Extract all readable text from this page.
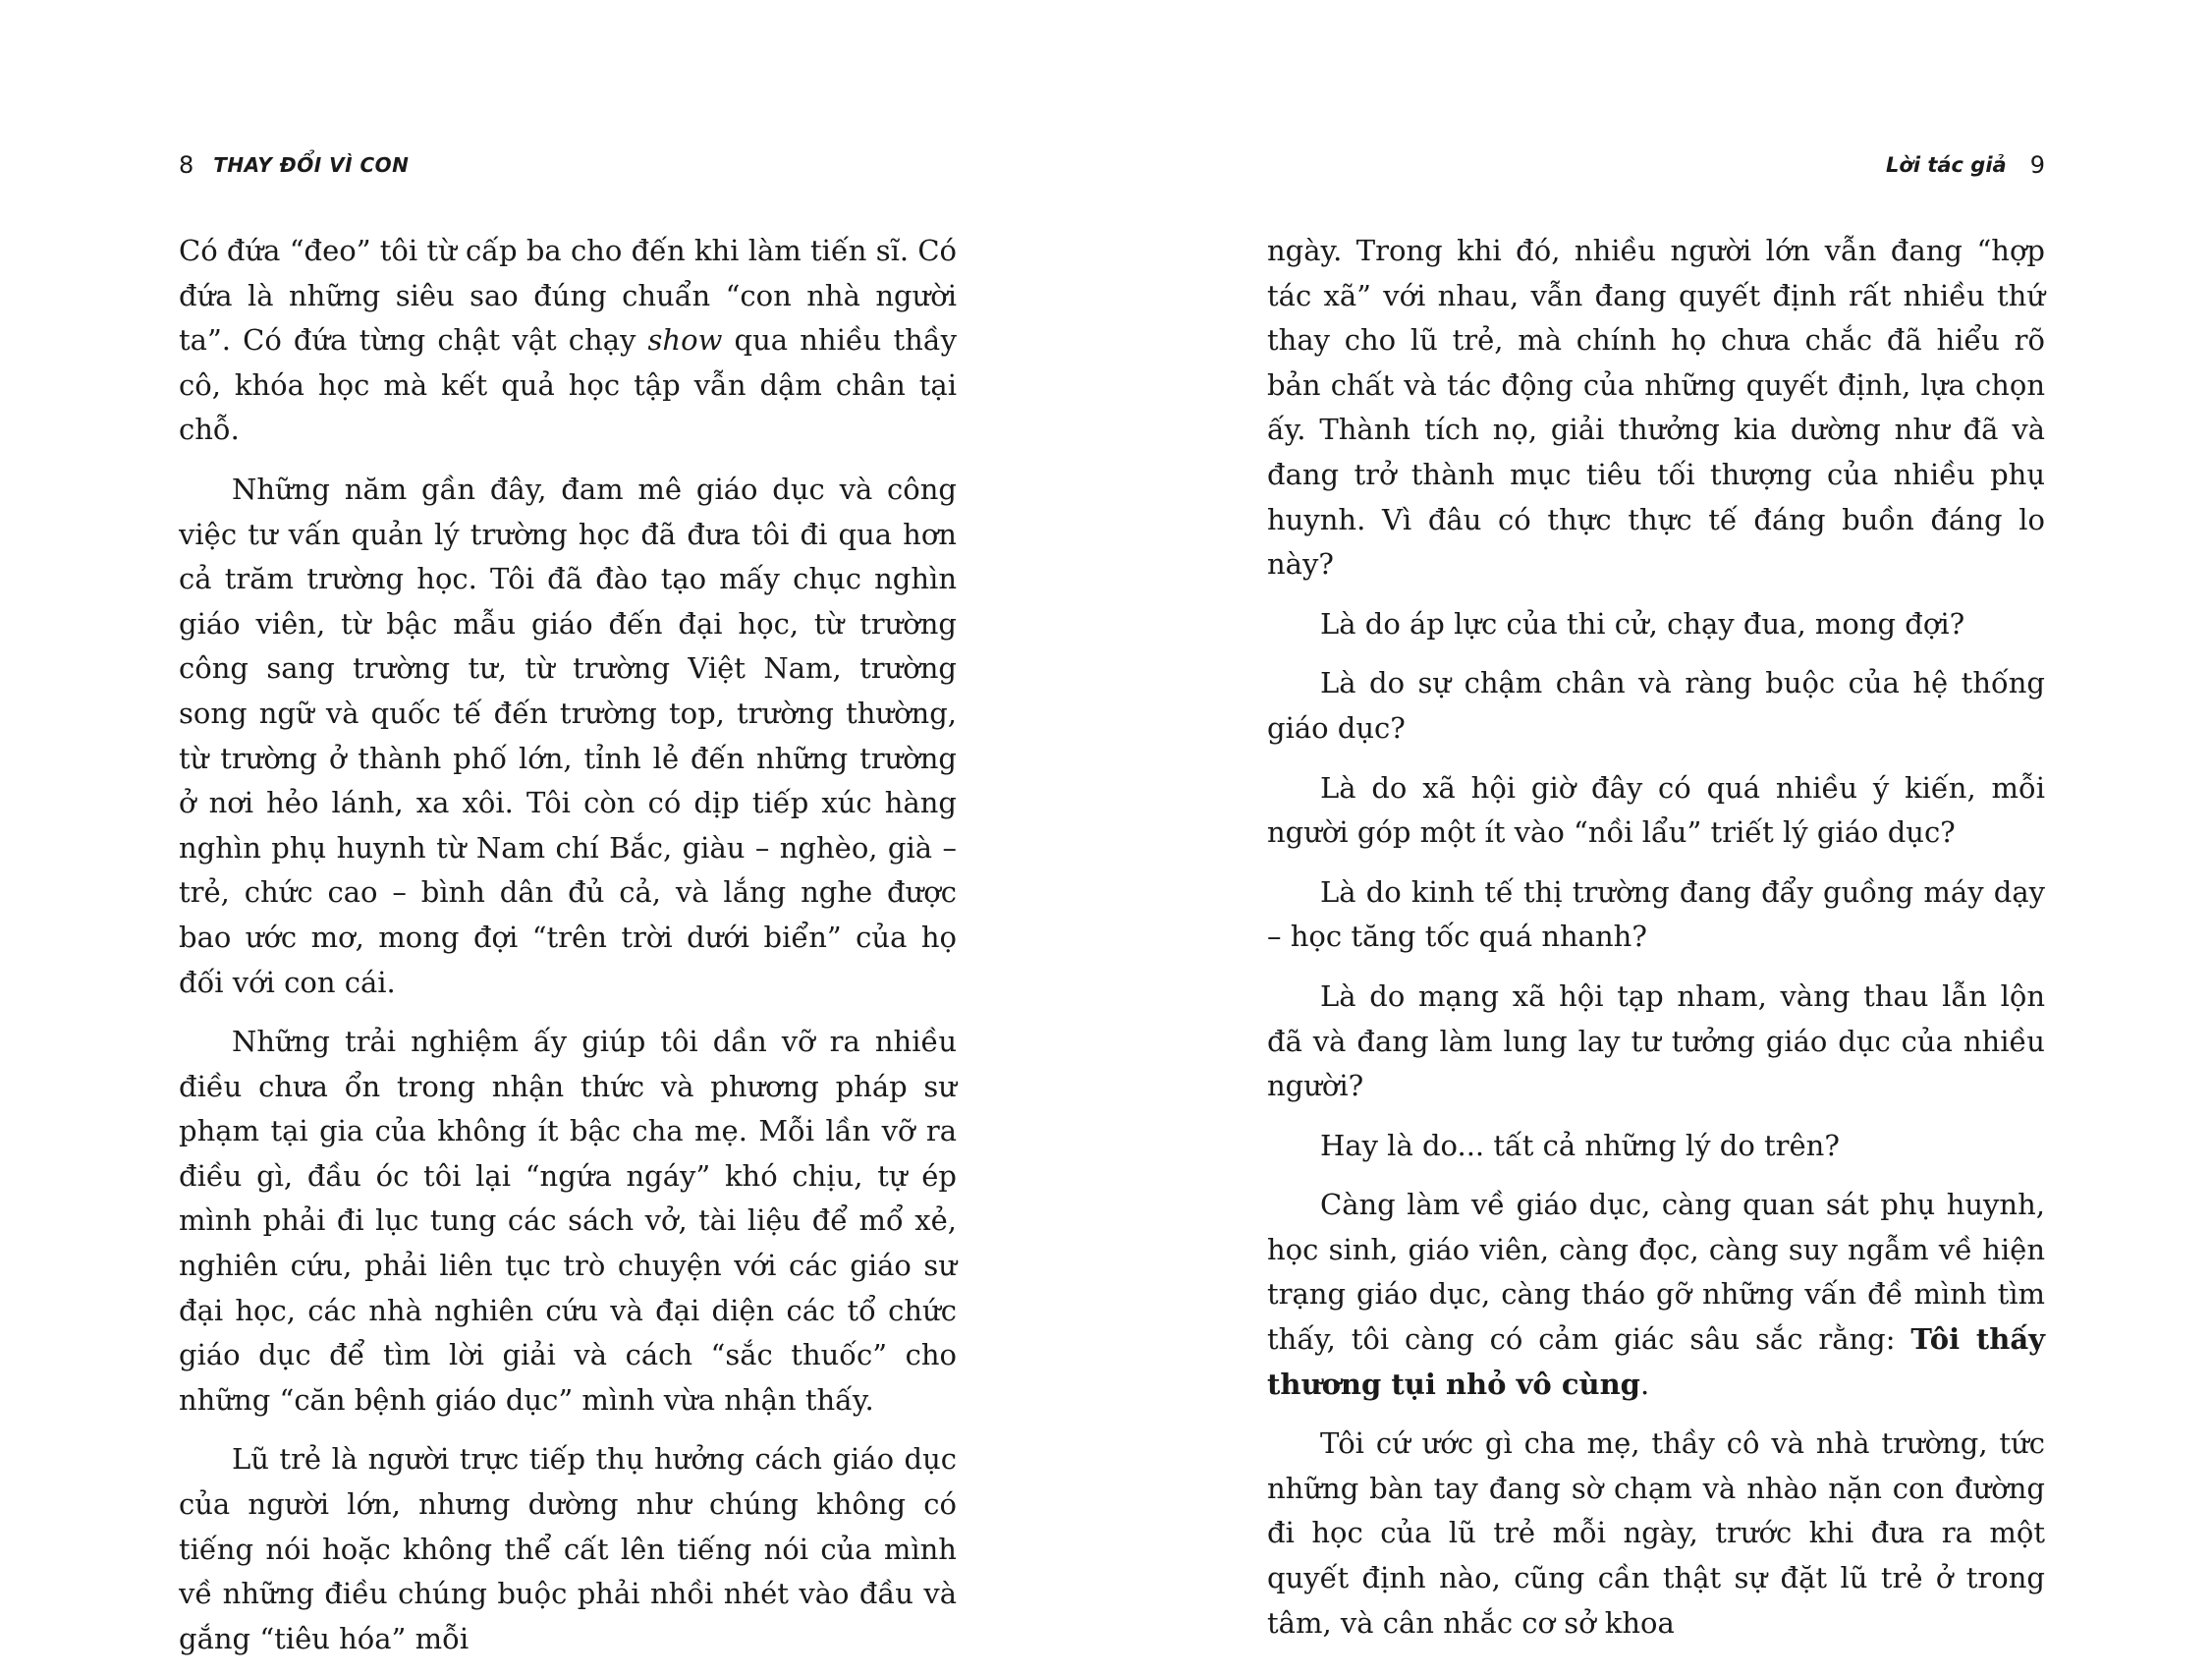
8 THAY ĐỔI VÌ CON

Có đứa “đeo” tôi từ cấp ba cho đến khi làm tiến sĩ. Có đứa là những siêu sao đúng chuẩn “con nhà người ta”. Có đứa từng chật vật chạy show qua nhiều thầy cô, khóa học mà kết quả học tập vẫn dậm chân tại chỗ.

Những năm gần đây, đam mê giáo dục và công việc tư vấn quản lý trường học đã đưa tôi đi qua hơn cả trăm trường học. Tôi đã đào tạo mấy chục nghìn giáo viên, từ bậc mẫu giáo đến đại học, từ trường công sang trường tư, từ trường Việt Nam, trường song ngữ và quốc tế đến trường top, trường thường, từ trường ở thành phố lớn, tỉnh lẻ đến những trường ở nơi hẻo lánh, xa xôi. Tôi còn có dịp tiếp xúc hàng nghìn phụ huynh từ Nam chí Bắc, giàu – nghèo, già – trẻ, chức cao – bình dân đủ cả, và lắng nghe được bao ước mơ, mong đợi “trên trời dưới biển” của họ đối với con cái.

Những trải nghiệm ấy giúp tôi dần vỡ ra nhiều điều chưa ổn trong nhận thức và phương pháp sư phạm tại gia của không ít bậc cha mẹ. Mỗi lần vỡ ra điều gì, đầu óc tôi lại “ngứa ngáy” khó chịu, tự ép mình phải đi lục tung các sách vở, tài liệu để mổ xẻ, nghiên cứu, phải liên tục trò chuyện với các giáo sư đại học, các nhà nghiên cứu và đại diện các tổ chức giáo dục để tìm lời giải và cách “sắc thuốc” cho những “căn bệnh giáo dục” mình vừa nhận thấy.

Lũ trẻ là người trực tiếp thụ hưởng cách giáo dục của người lớn, nhưng dường như chúng không có tiếng nói hoặc không thể cất lên tiếng nói của mình về những điều chúng buộc phải nhồi nhét vào đầu và gắng “tiêu hóa” mỗi

Lời tác giả 9

ngày. Trong khi đó, nhiều người lớn vẫn đang “hợp tác xã” với nhau, vẫn đang quyết định rất nhiều thứ thay cho lũ trẻ, mà chính họ chưa chắc đã hiểu rõ bản chất và tác động của những quyết định, lựa chọn ấy. Thành tích nọ, giải thưởng kia dường như đã và đang trở thành mục tiêu tối thượng của nhiều phụ huynh. Vì đâu có thực thực tế đáng buồn đáng lo này?

Là do áp lực của thi cử, chạy đua, mong đợi?

Là do sự chậm chân và ràng buộc của hệ thống giáo dục?

Là do xã hội giờ đây có quá nhiều ý kiến, mỗi người góp một ít vào “nồi lẩu” triết lý giáo dục?

Là do kinh tế thị trường đang đẩy guồng máy dạy – học tăng tốc quá nhanh?

Là do mạng xã hội tạp nham, vàng thau lẫn lộn đã và đang làm lung lay tư tưởng giáo dục của nhiều người?

Hay là do... tất cả những lý do trên?

Càng làm về giáo dục, càng quan sát phụ huynh, học sinh, giáo viên, càng đọc, càng suy ngẫm về hiện trạng giáo dục, càng tháo gỡ những vấn đề mình tìm thấy, tôi càng có cảm giác sâu sắc rằng: Tôi thấy thương tụi nhỏ vô cùng.

Tôi cứ ước gì cha mẹ, thầy cô và nhà trường, tức những bàn tay đang sờ chạm và nhào nặn con đường đi học của lũ trẻ mỗi ngày, trước khi đưa ra một quyết định nào, cũng cần thật sự đặt lũ trẻ ở trong tâm, và cân nhắc cơ sở khoa
